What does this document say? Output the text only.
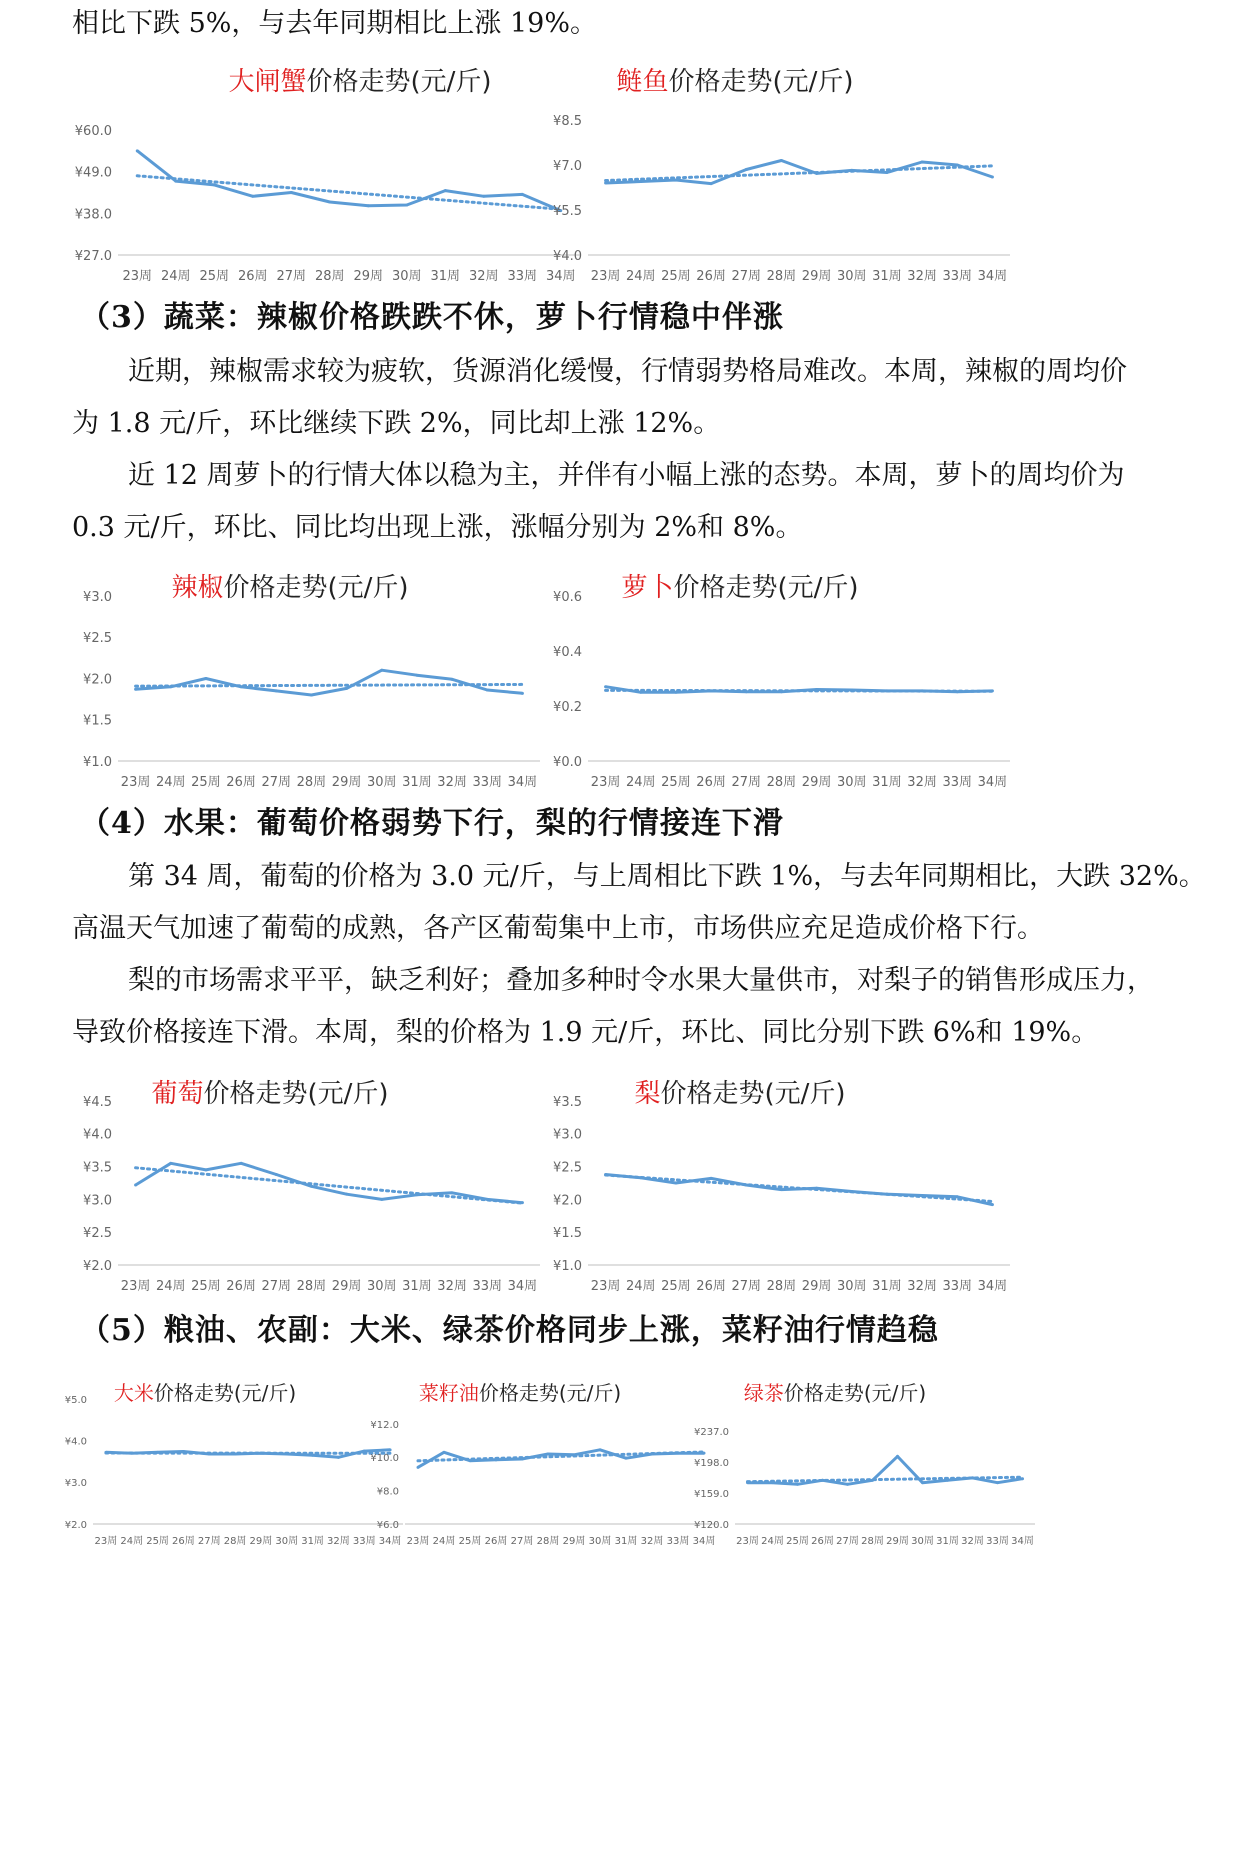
相比下跌 5%，与去年同期相比上涨 19%。
（3）蔬菜：辣椒价格跌跌不休，萝卜行情稳中伴涨
近期，辣椒需求较为疲软，货源消化缓慢，行情弱势格局难改。本周，辣椒的周均价
为 1.8 元/斤，环比继续下跌 2%，同比却上涨 12%。
近 12 周萝卜的行情大体以稳为主，并伴有小幅上涨的态势。本周，萝卜的周均价为
0.3 元/斤，环比、同比均出现上涨，涨幅分别为 2%和 8%。
（4）水果：葡萄价格弱势下行，梨的行情接连下滑
第 34 周，葡萄的价格为 3.0 元/斤，与上周相比下跌 1%，与去年同期相比，大跌 32%。
高温天气加速了葡萄的成熟，各产区葡萄集中上市，市场供应充足造成价格下行。
梨的市场需求平平，缺乏利好；叠加多种时令水果大量供市，对梨子的销售形成压力，
导致价格接连下滑。本周，梨的价格为 1.9 元/斤，环比、同比分别下跌 6%和 19%。
（5）粮油、农副：大米、绿茶价格同步上涨，菜籽油行情趋稳
大闸蟹价格走势(元/斤)
¥60.0
¥49.0
¥38.0
¥27.0
23周 24周 25周 26周 27周 28周 29周 30周 31周 32周 33周 34周
鲢鱼价格走势(元/斤)
¥8.5
¥7.0
¥5.5
¥4.0
23周 24周 25周 26周 27周 28周 29周 30周 31周 32周 33周 34周
辣椒价格走势(元/斤)
¥3.0
¥2.5
¥2.0
¥1.5
¥1.0
23周 24周 25周 26周 27周 28周 29周 30周 31周 32周 33周 34周
萝卜价格走势(元/斤)
¥0.6
¥0.4
¥0.2
¥0.0
23周 24周 25周 26周 27周 28周 29周 30周 31周 32周 33周 34周
葡萄价格走势(元/斤)
¥4.5
¥4.0
¥3.5
¥3.0
¥2.5
¥2.0
23周 24周 25周 26周 27周 28周 29周 30周 31周 32周 33周 34周
梨价格走势(元/斤)
¥3.5
¥3.0
¥2.5
¥2.0
¥1.5
¥1.0
23周 24周 25周 26周 27周 28周 29周 30周 31周 32周 33周 34周
大米价格走势(元/斤)
¥5.0
¥4.0
¥3.0
¥2.0
23周 24周 25周 26周 27周 28周 29周 30周 31周 32周 33周 34周
菜籽油价格走势(元/斤)
¥12.0
¥10.0
¥8.0
¥6.0
23周 24周 25周 26周 27周 28周 29周 30周 31周 32周 33周 34周
绿茶价格走势(元/斤)
¥237.0
¥198.0
¥159.0
¥120.0
23周 24周 25周 26周 27周 28周 29周 30周 31周 32周 33周 34周
